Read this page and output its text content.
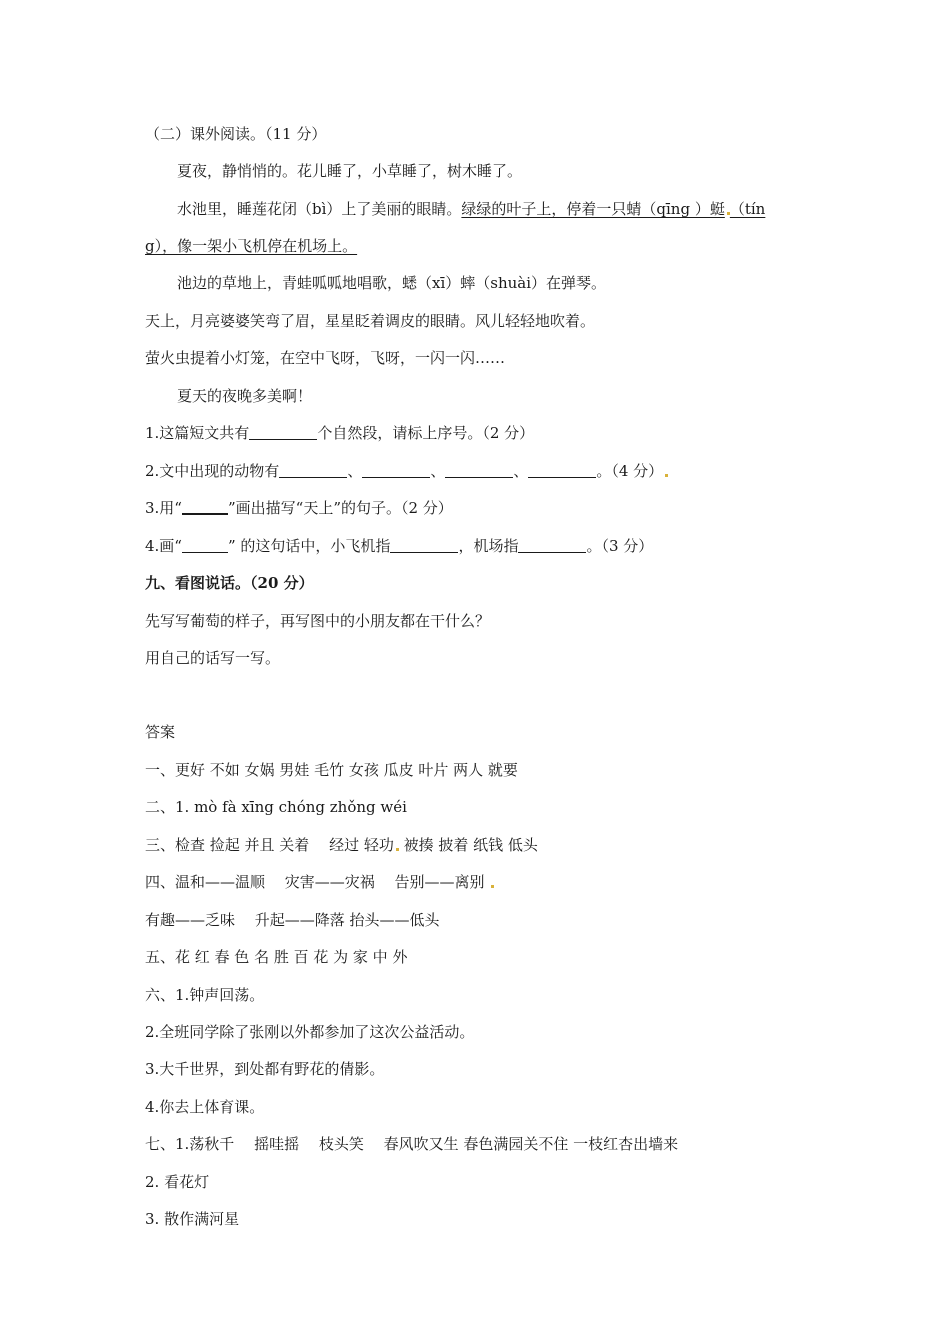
（二）课外阅读。（11 分）
夏夜，静悄悄的。花儿睡了，小草睡了，树木睡了。
水池里，睡莲花闭（bì）上了美丽的眼睛。绿绿的叶子上，停着一只蜻（qīng ）蜓 （tín
g），像一架小飞机停在机场上。
池边的草地上，青蛙呱呱地唱歌，蟋（xī）蟀（shuài）在弹琴。
天上，月亮婆婆笑弯了眉，星星眨着调皮的眼睛。风儿轻轻地吹着。
萤火虫提着小灯笼，在空中飞呀，飞呀，一闪一闪……
夏天的夜晚多美啊！
1.这篇短文共有	个自然段，请标上序号。（2 分）
2.文中出现的动物有	、	、	、	。（4 分）
3.用“	”画出描写“天上”的句子。（2 分）
4.画“	” 的这句话中，小飞机指	，机场指	。（3 分）
九、看图说话。（20 分）
先写写葡萄的样子，再写图中的小朋友都在干什么？
用自己的话写一写。
答案
一、更好 不如 女娲 男娃 毛竹 女孩 瓜皮 叶片 两人 就要
二、1. mò fà xīng chóng zhǒng wéi
三、检查 捡起 并且 关着　 经过 轻功 被揍 披着 纸钱 低头
四、温和——温顺　 灾害——灾祸　 告别——离别
有趣——乏味　 升起——降落 抬头——低头
五、花 红 春 色 名 胜 百 花 为 家 中 外
六、1.钟声回荡。
2.全班同学除了张刚以外都参加了这次公益活动。
3.大千世界，到处都有野花的倩影。
4.你去上体育课。
七、1.荡秋千　 摇哇摇　 枝头笑　 春风吹又生 春色满园关不住 一枝红杏出墙来
2. 看花灯
3. 散作满河星
